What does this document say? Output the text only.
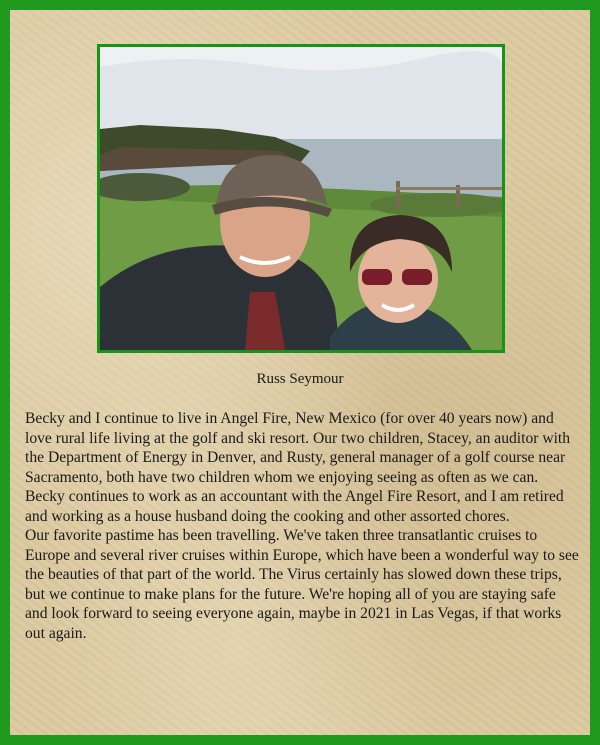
Russ Seymour

Becky and I continue to live in Angel Fire, New Mexico (for over 40 years now) and love rural life living at the golf and ski resort. Our two children, Stacey, an auditor with the Department of Energy in Denver, and Rusty, general manager of a golf course near Sacramento, both have two children whom we enjoying seeing as often as we can. Becky continues to work as an accountant with the Angel Fire Resort, and I am retired and working as a house husband doing the cooking and other assorted chores.

Our favorite pastime has been travelling. We've taken three transatlantic cruises to Europe and several river cruises within Europe, which have been a wonderful way to see the beauties of that part of the world. The Virus certainly has slowed down these trips, but we continue to make plans for the future. We're hoping all of you are staying safe and look forward to seeing everyone again, maybe in 2021 in Las Vegas, if that works out again.
